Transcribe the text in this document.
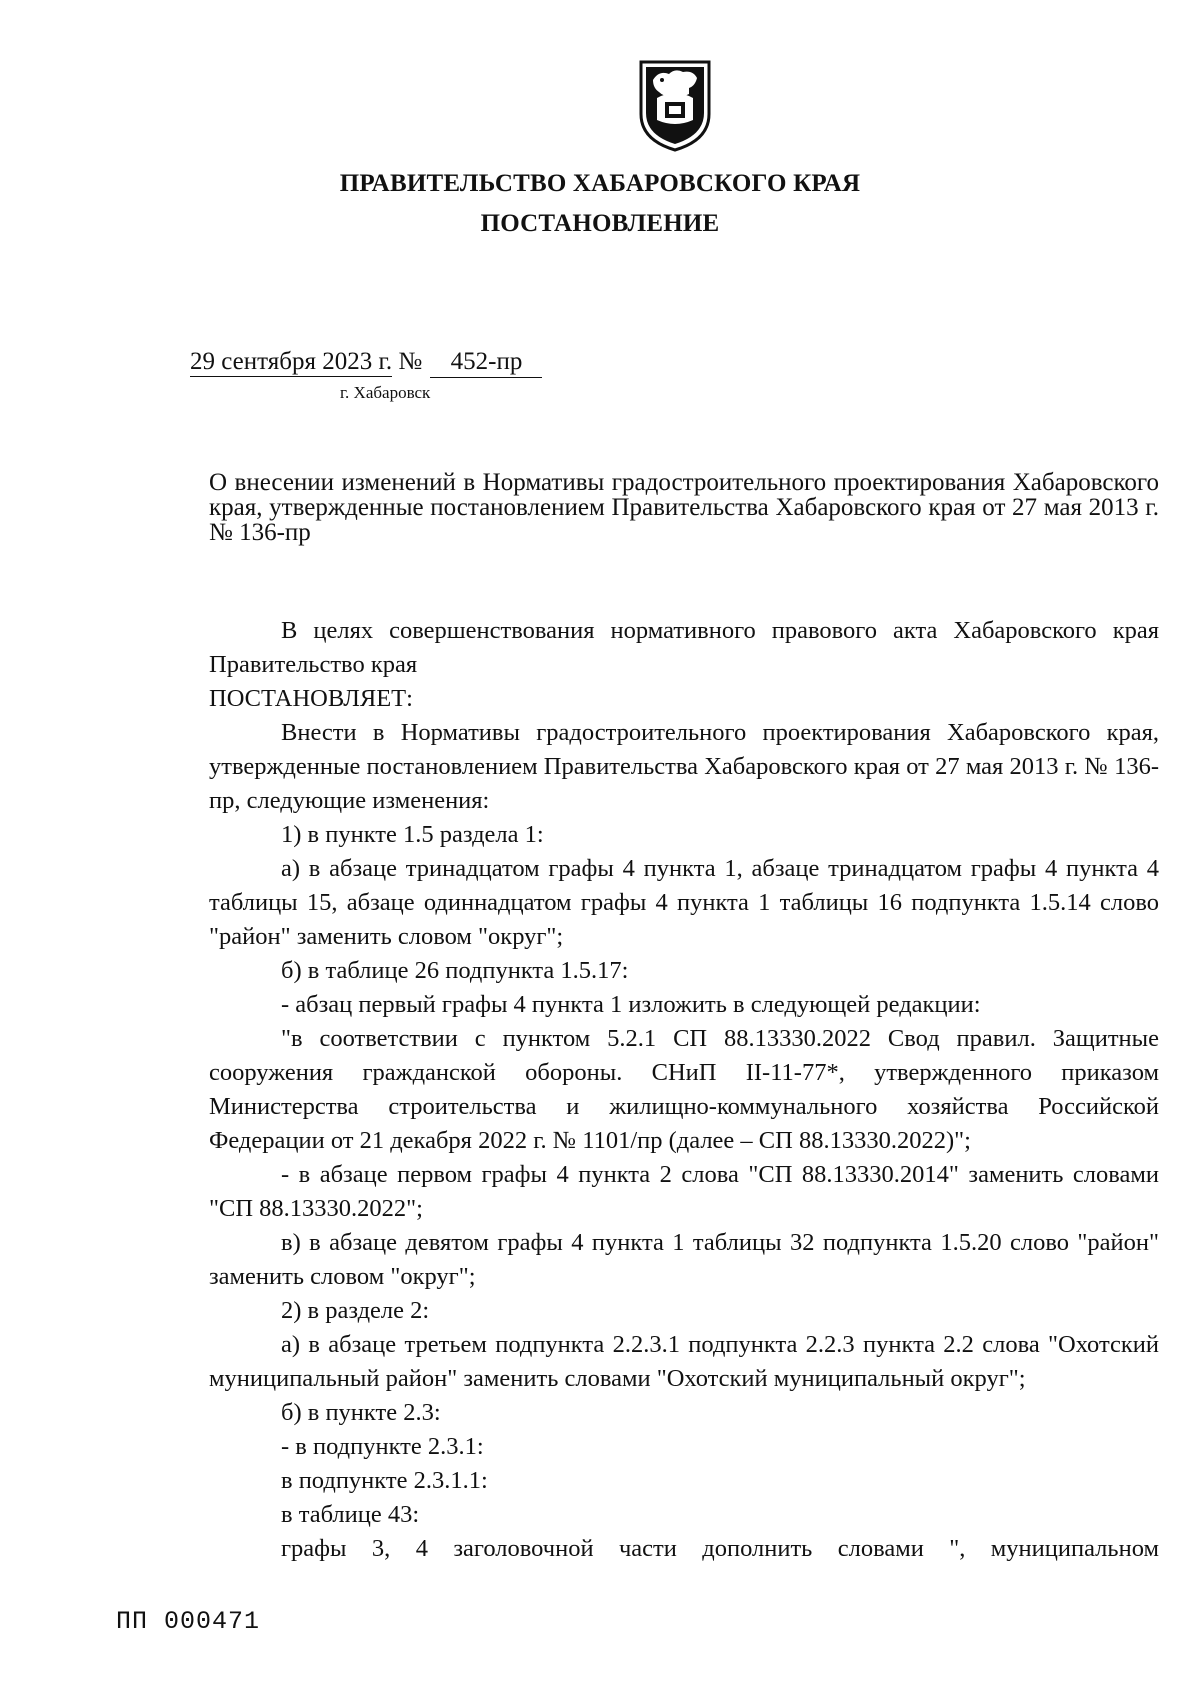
ПРАВИТЕЛЬСТВО ХАБАРОВСКОГО КРАЯ
ПОСТАНОВЛЕНИЕ
29 сентября 2023 г. № 452-пр
г. Хабаровск
О внесении изменений в Нормативы градостроительного проектирования Хабаровского края, утвержденные постановлением Правительства Хабаровского края от 27 мая 2013 г. № 136-пр

В целях совершенствования нормативного правового акта Хабаровского края Правительство края

ПОСТАНОВЛЯЕТ:

Внести в Нормативы градостроительного проектирования Хабаровского края, утвержденные постановлением Правительства Хабаровского края от 27 мая 2013 г. № 136-пр, следующие изменения:

1) в пункте 1.5 раздела 1:

а) в абзаце тринадцатом графы 4 пункта 1, абзаце тринадцатом графы 4 пункта 4 таблицы 15, абзаце одиннадцатом графы 4 пункта 1 таблицы 16 подпункта 1.5.14 слово "район" заменить словом "округ";

б) в таблице 26 подпункта 1.5.17:

- абзац первый графы 4 пункта 1 изложить в следующей редакции:

"в соответствии с пунктом 5.2.1 СП 88.13330.2022 Свод правил. Защитные сооружения гражданской обороны. СНиП II-11-77*, утвержденного приказом Министерства строительства и жилищно-коммунального хозяйства Российской Федерации от 21 декабря 2022 г. № 1101/пр (далее – СП 88.13330.2022)";

- в абзаце первом графы 4 пункта 2 слова "СП 88.13330.2014" заменить словами "СП 88.13330.2022";

в) в абзаце девятом графы 4 пункта 1 таблицы 32 подпункта 1.5.20 слово "район" заменить словом "округ";

2) в разделе 2:

а) в абзаце третьем подпункта 2.2.3.1 подпункта 2.2.3 пункта 2.2 слова "Охотский муниципальный район" заменить словами "Охотский муниципальный округ";

б) в пункте 2.3:

- в подпункте 2.3.1:

в подпункте 2.3.1.1:

в таблице 43:

графы 3, 4 заголовочной части дополнить словами ", муниципальном

ПП 000471
